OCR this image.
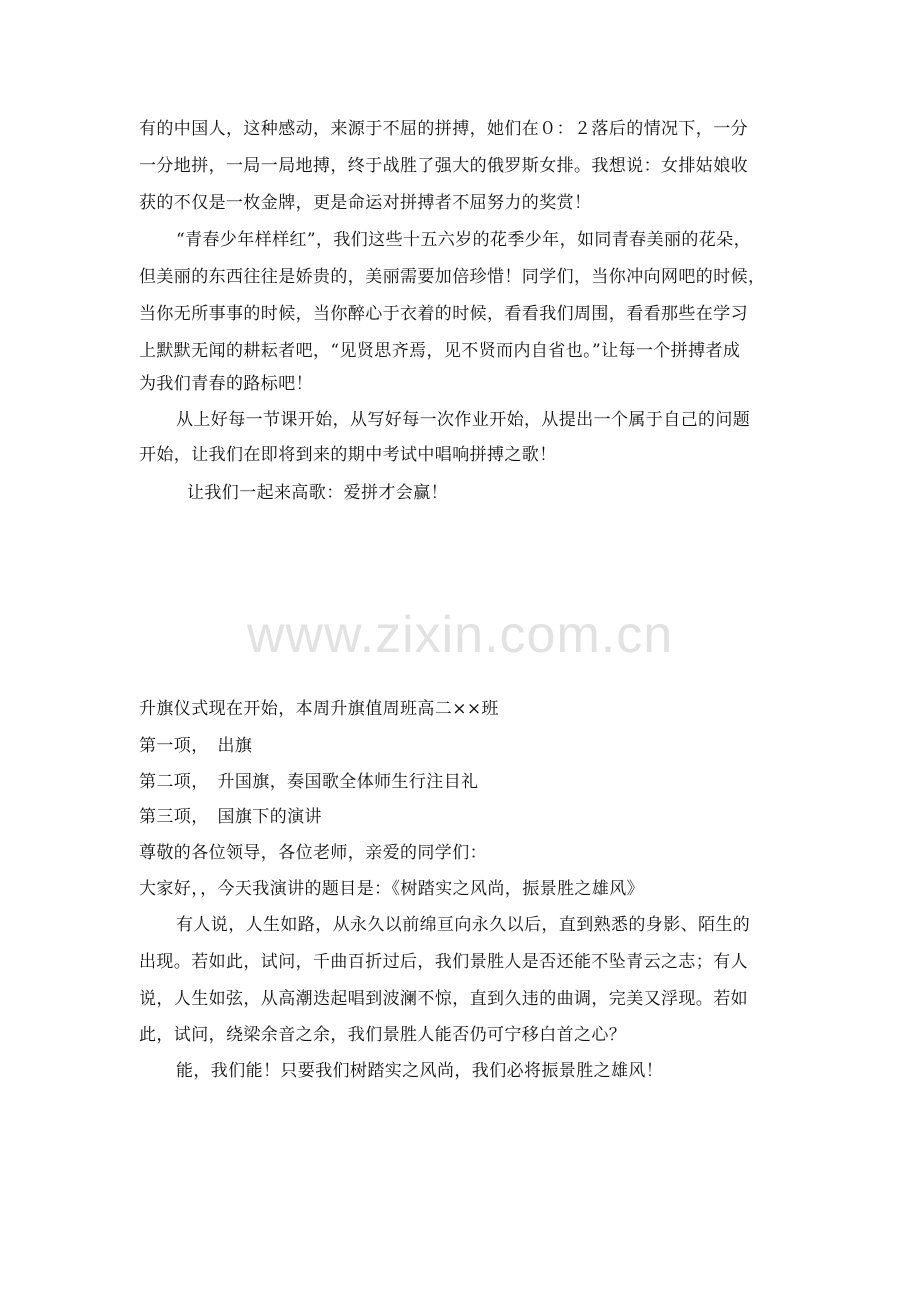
有的中国人，这种感动，来源于不屈的拼搏，她们在０：２落后的情况下，一分
一分地拼，一局一局地搏，终于战胜了强大的俄罗斯女排。我想说：女排姑娘收
获的不仅是一枚金牌，更是命运对拼搏者不屈努力的奖赏！
“青春少年样样红”，我们这些十五六岁的花季少年，如同青春美丽的花朵，
但美丽的东西往往是娇贵的，美丽需要加倍珍惜！同学们，当你冲向网吧的时候，
当你无所事事的时候，当你醉心于衣着的时候，看看我们周围，看看那些在学习
上默默无闻的耕耘者吧，“见贤思齐焉，见不贤而内自省也。”让每一个拼搏者成
为我们青春的路标吧！
从上好每一节课开始，从写好每一次作业开始，从提出一个属于自己的问题
开始，让我们在即将到来的期中考试中唱响拼搏之歌！
让我们一起来高歌：爱拼才会赢！
www.zixin.com.cn
升旗仪式现在开始，本周升旗值周班高二××班
第一项，　出旗
第二项，　升国旗，奏国歌全体师生行注目礼
第三项，　国旗下的演讲
尊敬的各位领导，各位老师，亲爱的同学们：
大家好，，今天我演讲的题目是：《树踏实之风尚，振景胜之雄风》
有人说，人生如路，从永久以前绵亘向永久以后，直到熟悉的身影、陌生的
出现。若如此，试问，千曲百折过后，我们景胜人是否还能不坠青云之志；有人
说，人生如弦，从高潮迭起唱到波澜不惊，直到久违的曲调，完美又浮现。若如
此，试问，绕梁余音之余，我们景胜人能否仍可宁移白首之心？
能，我们能！只要我们树踏实之风尚，我们必将振景胜之雄风！
